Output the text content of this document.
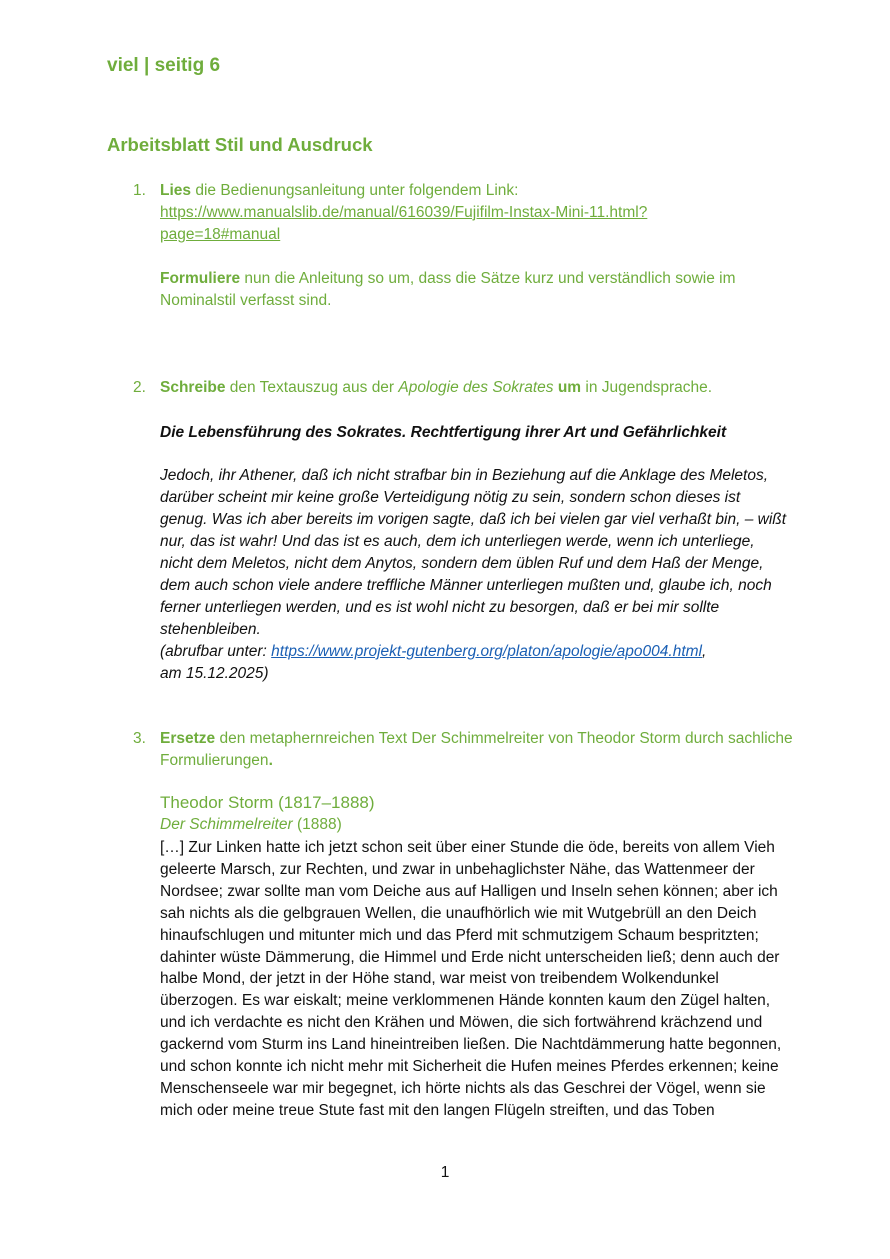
viel | seitig 6
Arbeitsblatt Stil und Ausdruck
1. Lies die Bedienungsanleitung unter folgendem Link:
https://www.manualslib.de/manual/616039/Fujifilm-Instax-Mini-11.html?
page=18#manual
Formuliere nun die Anleitung so um, dass die Sätze kurz und verständlich sowie im Nominalstil verfasst sind.
2. Schreibe den Textauszug aus der Apologie des Sokrates um in Jugendsprache.
Die Lebensführung des Sokrates. Rechtfertigung ihrer Art und Gefährlichkeit
Jedoch, ihr Athener, daß ich nicht strafbar bin in Beziehung auf die Anklage des Meletos, darüber scheint mir keine große Verteidigung nötig zu sein, sondern schon dieses ist genug. Was ich aber bereits im vorigen sagte, daß ich bei vielen gar viel verhaßt bin, – wißt nur, das ist wahr! Und das ist es auch, dem ich unterliegen werde, wenn ich unterliege, nicht dem Meletos, nicht dem Anytos, sondern dem üblen Ruf und dem Haß der Menge, dem auch schon viele andere treffliche Männer unterliegen mußten und, glaube ich, noch ferner unterliegen werden, und es ist wohl nicht zu besorgen, daß er bei mir sollte stehenbleiben.
(abrufbar unter: https://www.projekt-gutenberg.org/platon/apologie/apo004.html,
am 15.12.2025)
3. Ersetze den metaphernreichen Text Der Schimmelreiter von Theodor Storm durch sachliche Formulierungen.
Theodor Storm (1817–1888)
Der Schimmelreiter (1888)
[…] Zur Linken hatte ich jetzt schon seit über einer Stunde die öde, bereits von allem Vieh geleerte Marsch, zur Rechten, und zwar in unbehaglichster Nähe, das Wattenmeer der Nordsee; zwar sollte man vom Deiche aus auf Halligen und Inseln sehen können; aber ich sah nichts als die gelbgrauen Wellen, die unaufhörlich wie mit Wutgebrüll an den Deich hinaufschlugen und mitunter mich und das Pferd mit schmutzigem Schaum bespritzten; dahinter wüste Dämmerung, die Himmel und Erde nicht unterscheiden ließ; denn auch der halbe Mond, der jetzt in der Höhe stand, war meist von treibendem Wolkendunkel überzogen. Es war eiskalt; meine verklommenen Hände konnten kaum den Zügel halten, und ich verdachte es nicht den Krähen und Möwen, die sich fortwährend krächzend und gackernd vom Sturm ins Land hineintreiben ließen. Die Nachtdämmerung hatte begonnen, und schon konnte ich nicht mehr mit Sicherheit die Hufen meines Pferdes erkennen; keine Menschenseele war mir begegnet, ich hörte nichts als das Geschrei der Vögel, wenn sie mich oder meine treue Stute fast mit den langen Flügeln streiften, und das Toben
1
